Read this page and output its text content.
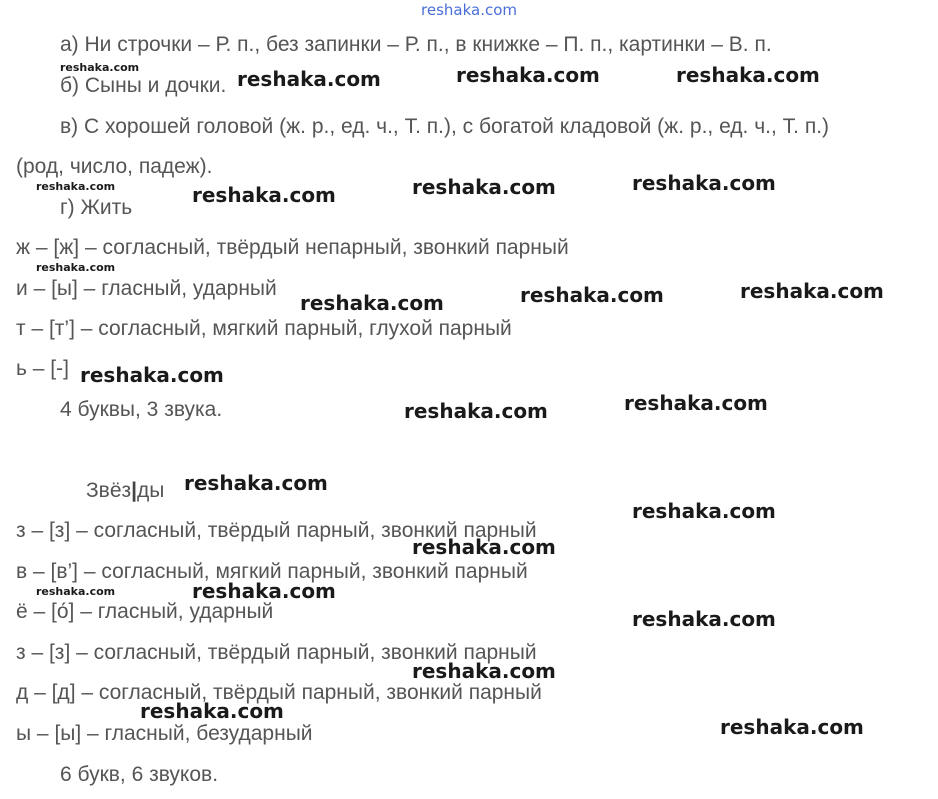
reshaka.com
а) Ни строчки – Р. п., без запинки – Р. п., в книжке – П. п., картинки – В. п.
б) Сыны и дочки.
в) С хорошей головой (ж. р., ед. ч., Т. п.), с богатой кладовой (ж. р., ед. ч., Т. п.)
(род, число, падеж).
г) Жить
ж – [ж] – согласный, твёрдый непарный, звонкий парный
и – [ы] – гласный, ударный
т – [т’] – согласный, мягкий парный, глухой парный
ь – [-]
4 буквы, 3 звука.
Звёз|ды
з – [з] – согласный, твёрдый парный, звонкий парный
в – [в’] – согласный, мягкий парный, звонкий парный
ё – [о́] – гласный, ударный
з – [з] – согласный, твёрдый парный, звонкий парный
д – [д] – согласный, твёрдый парный, звонкий парный
ы – [ы] – гласный, безударный
6 букв, 6 звуков.
reshaka.com	reshaka.com	reshaka.com
reshaka.com	reshaka.com	reshaka.com
reshaka.com	reshaka.com	reshaka.com
reshaka.com
reshaka.com	reshaka.com
reshaka.com
reshaka.com
reshaka.com
reshaka.com
reshaka.com
reshaka.com
reshaka.com
reshaka.com
reshaka.com
reshaka.com
reshaka.com
reshaka.com
